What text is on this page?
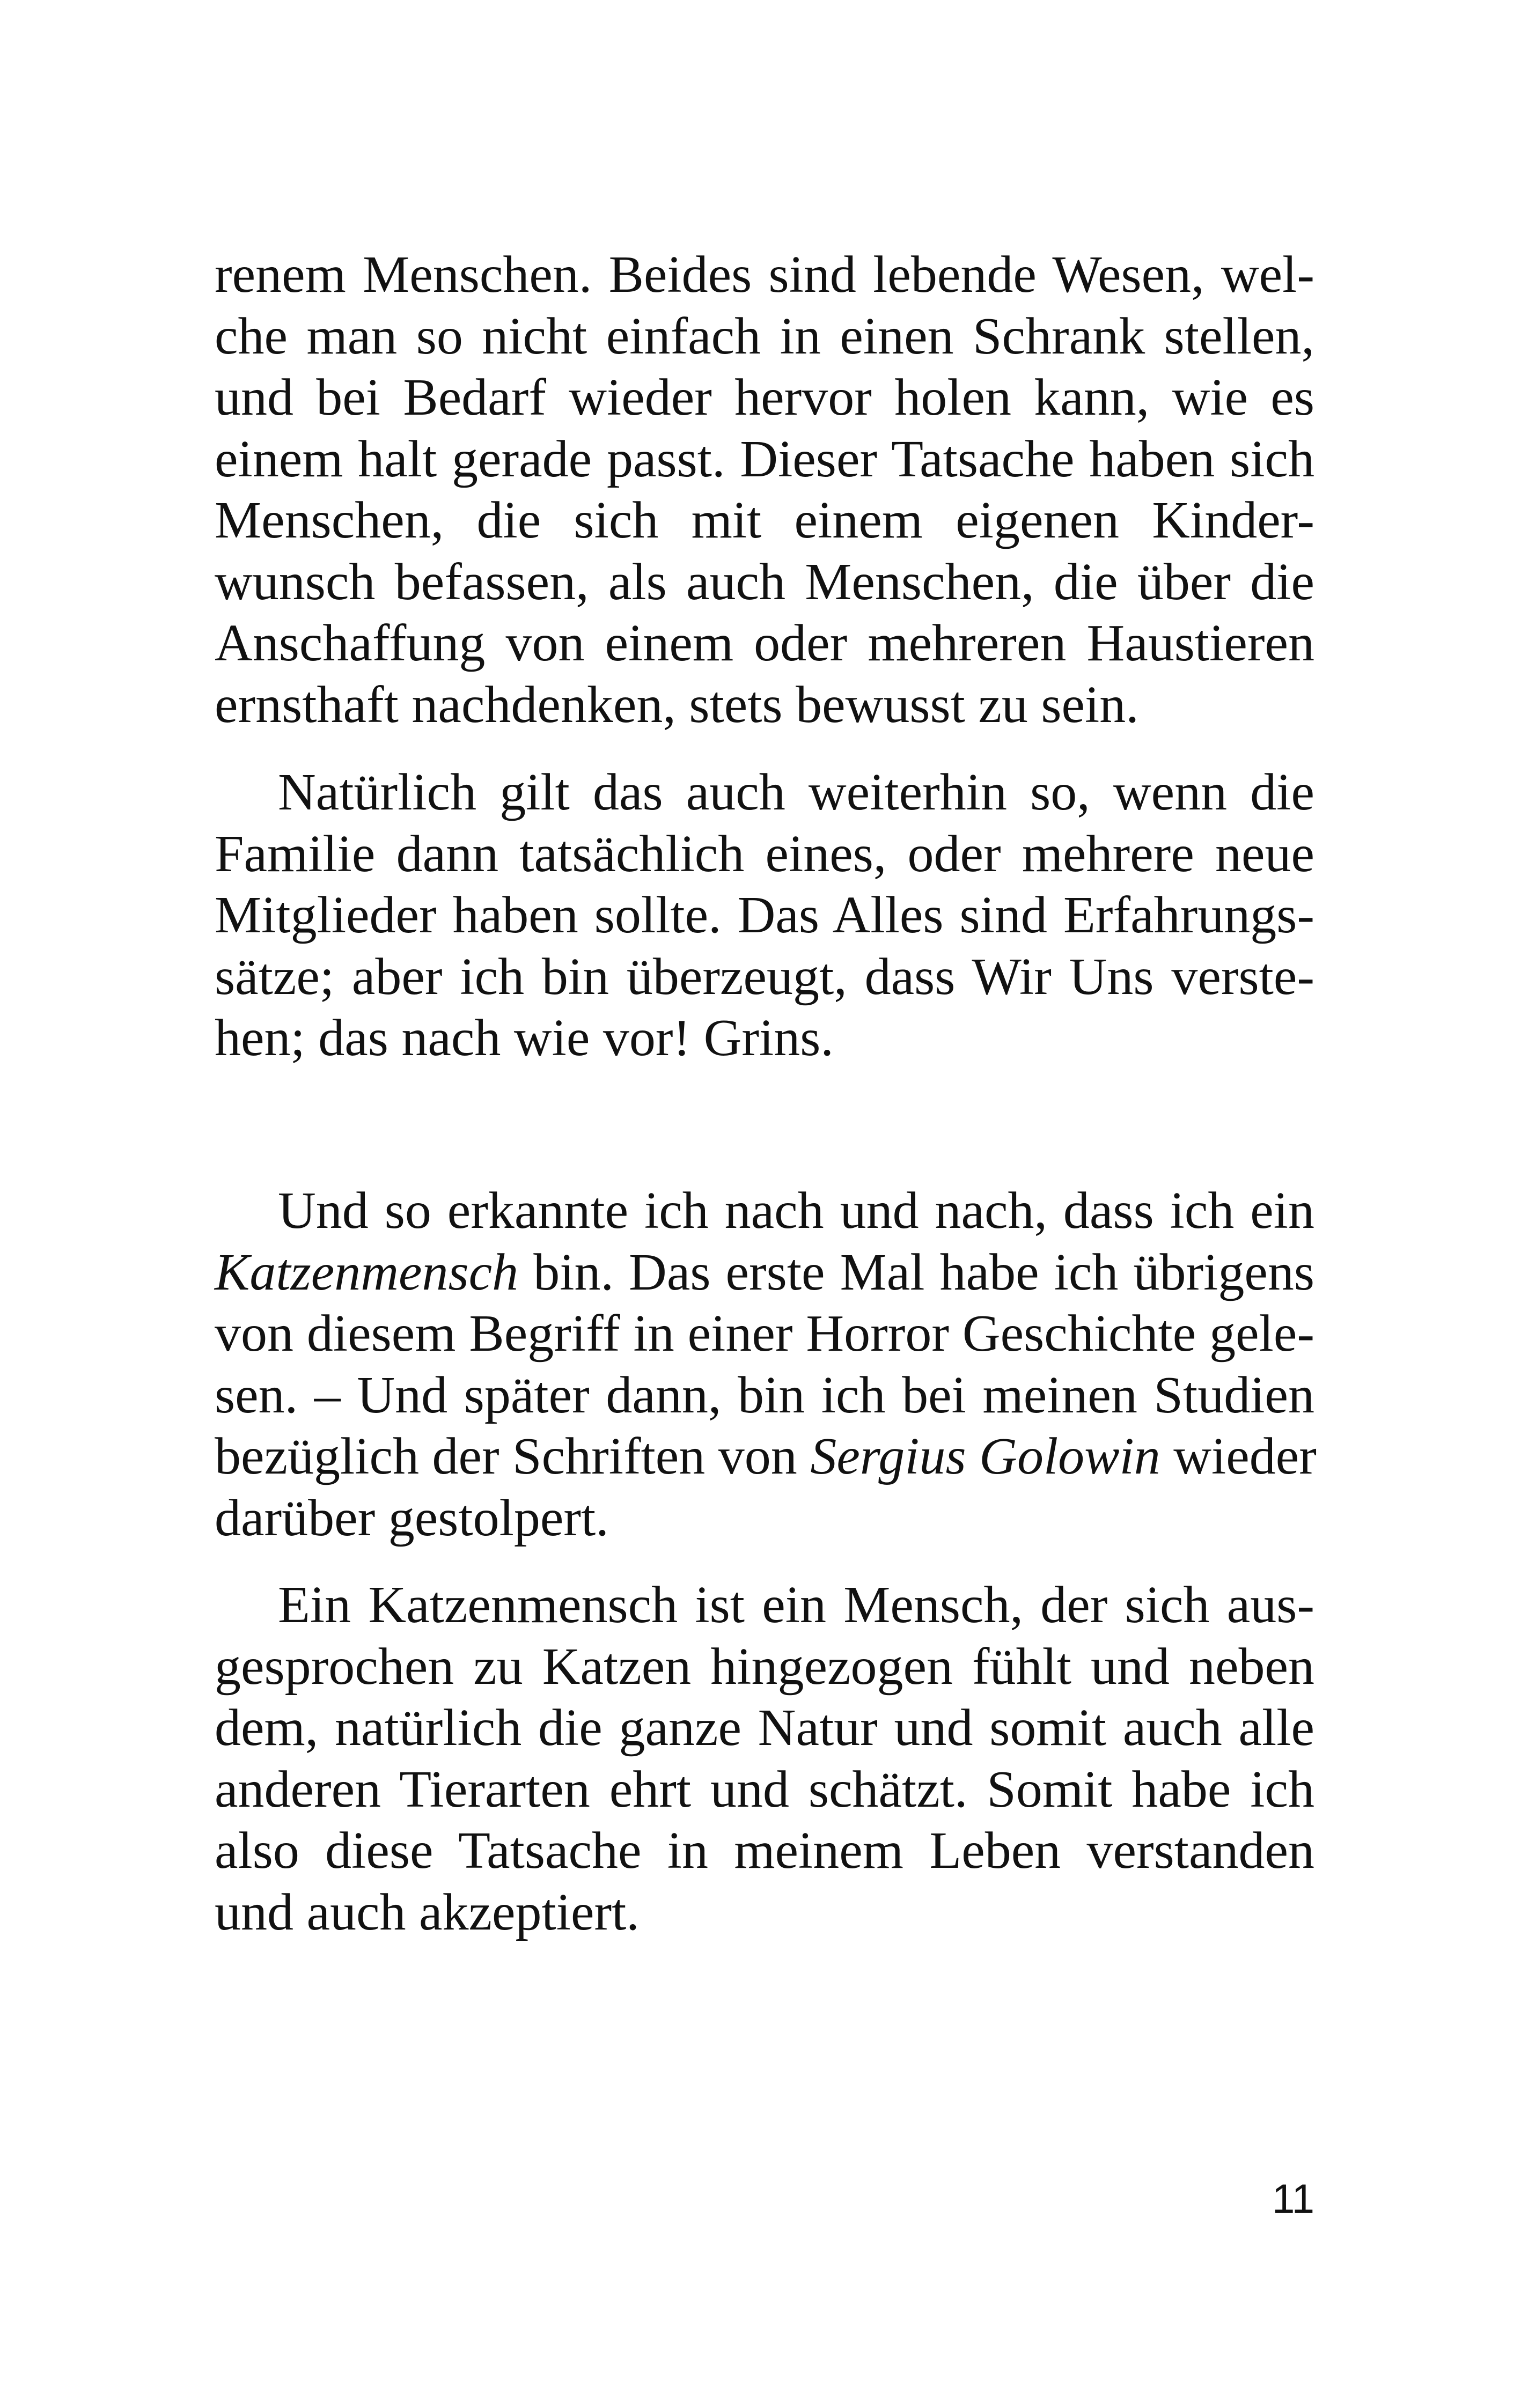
renem Menschen. Beides sind lebende Wesen, wel-
che man so nicht einfach in einen Schrank stellen,
und bei Bedarf wieder hervor holen kann, wie es
einem halt gerade passt. Dieser Tatsache haben sich
Menschen, die sich mit einem eigenen Kinder-
wunsch befassen, als auch Menschen, die über die
Anschaffung von einem oder mehreren Haustieren
ernsthaft nachdenken, stets bewusst zu sein.
Natürlich gilt das auch weiterhin so, wenn die
Familie dann tatsächlich eines, oder mehrere neue
Mitglieder haben sollte. Das Alles sind Erfahrungs-
sätze; aber ich bin überzeugt, dass Wir Uns verste-
hen; das nach wie vor! Grins.
Und so erkannte ich nach und nach, dass ich ein
Katzenmensch bin. Das erste Mal habe ich übrigens
von diesem Begriff in einer Horror Geschichte gele-
sen. – Und später dann, bin ich bei meinen Studien
bezüglich der Schriften von Sergius Golowin wieder
darüber gestolpert.
Ein Katzenmensch ist ein Mensch, der sich aus-
gesprochen zu Katzen hingezogen fühlt und neben
dem, natürlich die ganze Natur und somit auch alle
anderen Tierarten ehrt und schätzt. Somit habe ich
also diese Tatsache in meinem Leben verstanden
und auch akzeptiert.
11
